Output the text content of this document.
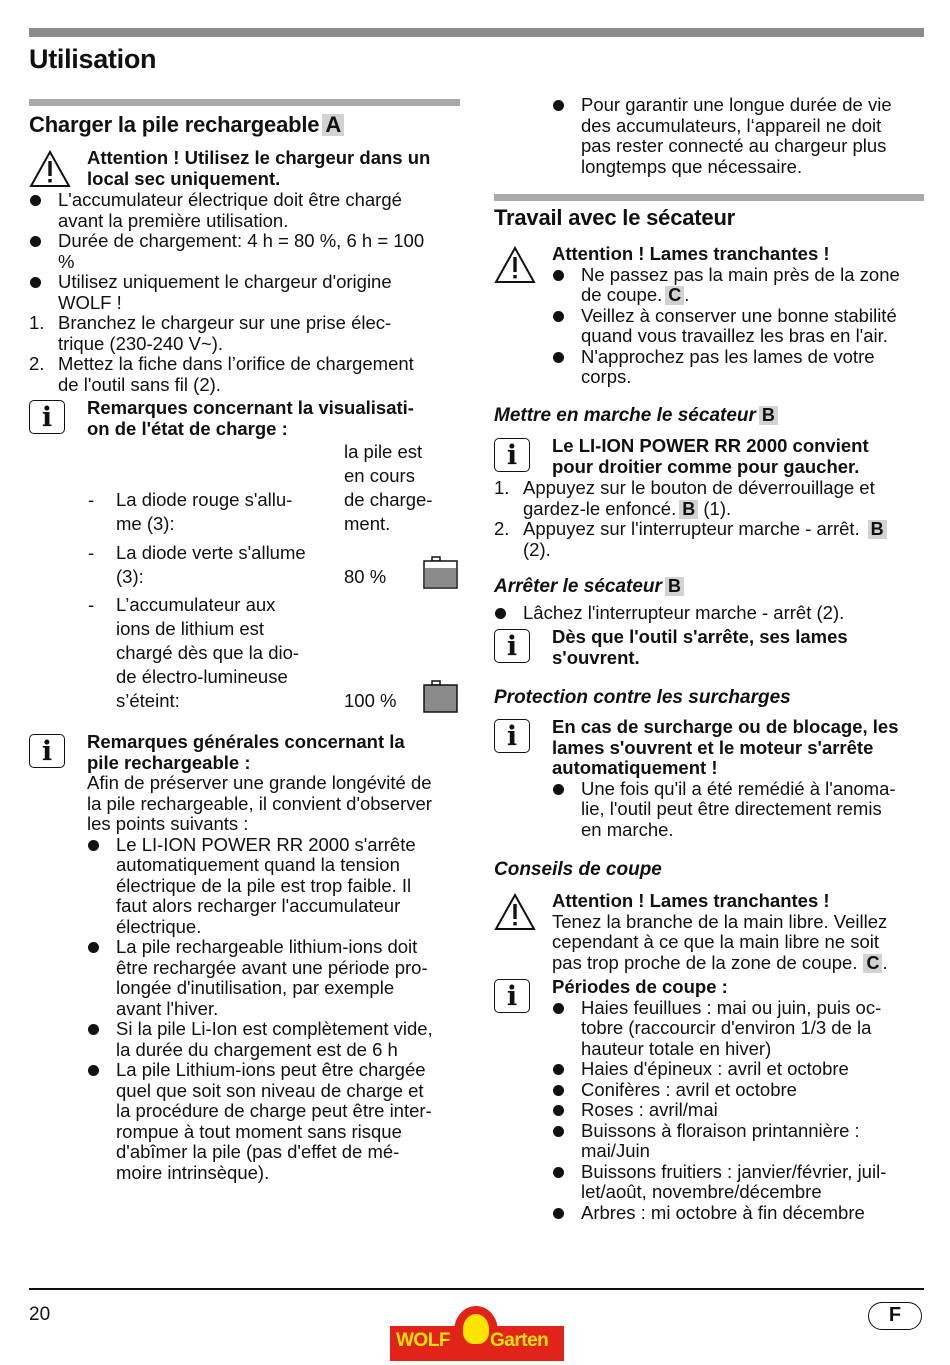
Utilisation
Charger la pile rechargeable A
Attention ! Utilisez le chargeur dans un
local sec uniquement.
L'accumulateur électrique doit être chargé
avant la première utilisation.
Durée de chargement: 4 h = 80 %, 6 h = 100
%
Utilisez uniquement le chargeur d'origine
WOLF !
1. Branchez le chargeur sur une prise élec-
trique (230-240 V~).
2. Mettez la fiche dans l’orifice de chargement
de l'outil sans fil (2).
i	Remarques concernant la visualisati-
on de l'état de charge :
- La diode rouge s'allu-
me (3):
la pile est
en cours
de charge-
ment.
- La diode verte s'allume
(3):	80 %
- L’accumulateur aux
ions de lithium est
chargé dès que la dio-
de électro-lumineuse
s’éteint:	100 %
i	Remarques générales concernant la
pile rechargeable :
Afin de préserver une grande longévité de
la pile rechargeable, il convient d'observer
les points suivants :
Le LI-ION POWER RR 2000 s'arrête
automatiquement quand la tension
électrique de la pile est trop faible. Il
faut alors recharger l'accumulateur
électrique.
La pile rechargeable lithium-ions doit
être rechargée avant une période pro-
longée d'inutilisation, par exemple
avant l'hiver.
Si la pile Li-Ion est complètement vide,
la durée du chargement est de 6 h
La pile Lithium-ions peut être chargée
quel que soit son niveau de charge et
la procédure de charge peut être inter-
rompue à tout moment sans risque
d'abîmer la pile (pas d'effet de mé-
moire intrinsèque).
Pour garantir une longue durée de vie
des accumulateurs, l‘appareil ne doit
pas rester connecté au chargeur plus
longtemps que nécessaire.
Travail avec le sécateur
Attention ! Lames tranchantes !
Ne passez pas la main près de la zone
de coupe. C .
Veillez à conserver une bonne stabilité
quand vous travaillez les bras en l'air.
N'approchez pas les lames de votre
corps.
Mettre en marche le sécateur B
i	Le LI-ION POWER RR 2000 convient
pour droitier comme pour gaucher.
1. Appuyez sur le bouton de déverrouillage et
gardez-le enfoncé. B (1).
2. Appuyez sur l'interrupteur marche - arrêt. B
(2).
Arrêter le sécateur B
Lâchez l'interrupteur marche - arrêt (2).
i	Dès que l'outil s'arrête, ses lames
s'ouvrent.
Protection contre les surcharges
i	En cas de surcharge ou de blocage, les
lames s'ouvrent et le moteur s'arrête
automatiquement !
Une fois qu'il a été remédié à l'anoma-
lie, l'outil peut être directement remis
en marche.
Conseils de coupe
Attention ! Lames tranchantes !
Tenez la branche de la main libre. Veillez
cependant à ce que la main libre ne soit
pas trop proche de la zone de coupe. C .
i	Périodes de coupe :
Haies feuillues : mai ou juin, puis oc-
tobre (raccourcir d'environ 1/3 de la
hauteur totale en hiver)
Haies d'épineux : avril et octobre
Conifères : avril et octobre
Roses : avril/mai
Buissons à floraison printannière :
mai/Juin
Buissons fruitiers : janvier/février, juil-
let/août, novembre/décembre
Arbres : mi octobre à fin décembre
20
WOLF Garten
F
